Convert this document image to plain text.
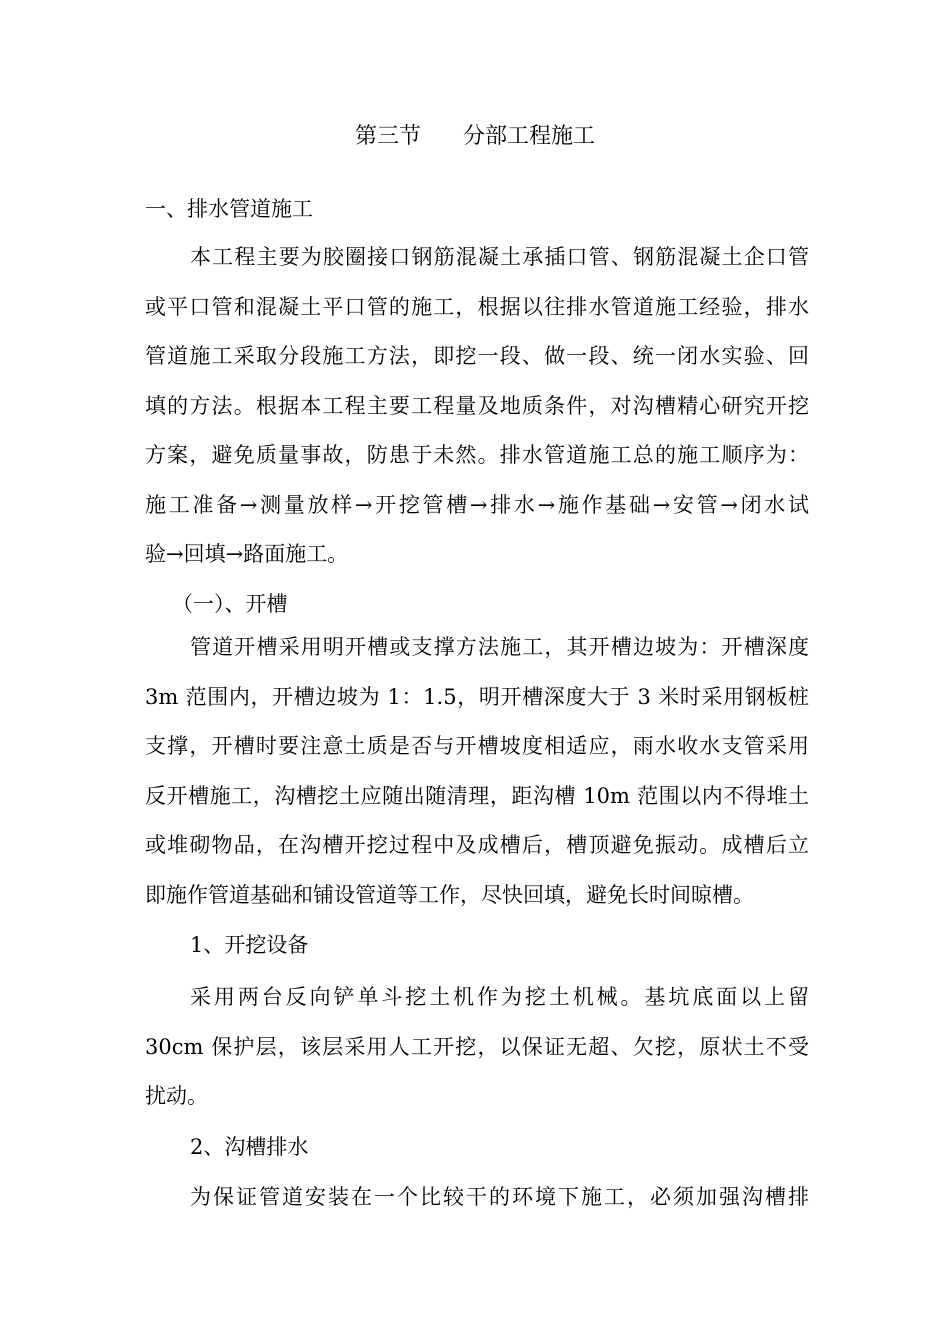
第三节      分部工程施工
一、排水管道施工
本工程主要为胶圈接口钢筋混凝土承插口管、钢筋混凝土企口管
或平口管和混凝土平口管的施工，根据以往排水管道施工经验，排水
管道施工采取分段施工方法，即挖一段、做一段、统一闭水实验、回
填的方法。根据本工程主要工程量及地质条件，对沟槽精心研究开挖
方案，避免质量事故，防患于未然。排水管道施工总的施工顺序为：
施工准备→测量放样→开挖管槽→排水→施作基础→安管→闭水试
验→回填→路面施工。
（一）、开槽
管道开槽采用明开槽或支撑方法施工，其开槽边坡为：开槽深度
3m 范围内，开槽边坡为 1：1.5，明开槽深度大于 3 米时采用钢板桩
支撑，开槽时要注意土质是否与开槽坡度相适应，雨水收水支管采用
反开槽施工，沟槽挖土应随出随清理，距沟槽 10m 范围以内不得堆土
或堆砌物品，在沟槽开挖过程中及成槽后，槽顶避免振动。成槽后立
即施作管道基础和铺设管道等工作，尽快回填，避免长时间晾槽。
1、开挖设备
采用两台反向铲单斗挖土机作为挖土机械。基坑底面以上留
30cm 保护层，该层采用人工开挖，以保证无超、欠挖，原状土不受
扰动。
2、沟槽排水
为保证管道安装在一个比较干的环境下施工，必须加强沟槽排
